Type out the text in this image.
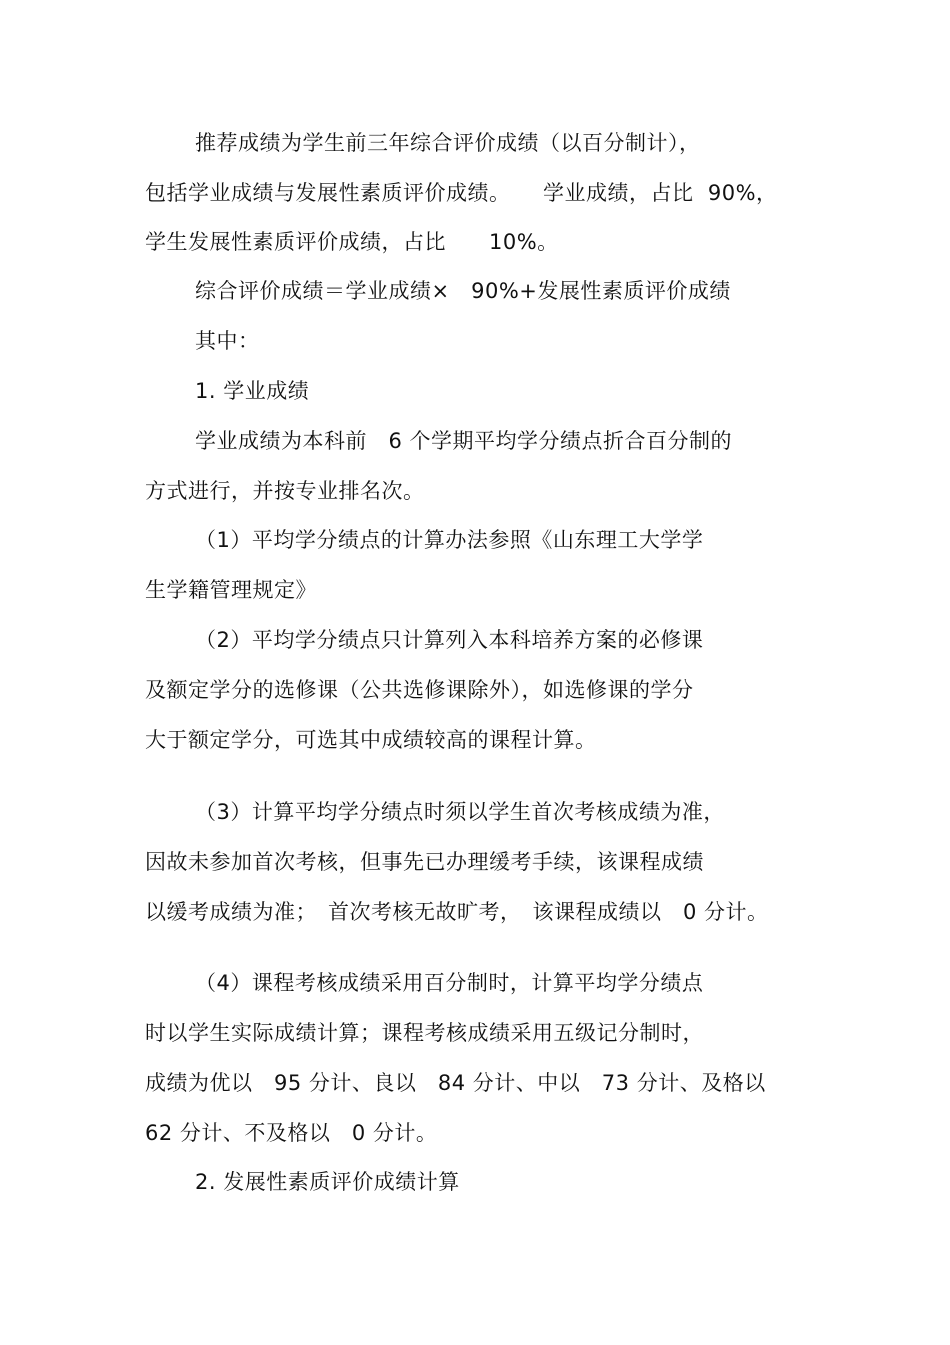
推荐成绩为学生前三年综合评价成绩（以百分制计），
包括学业成绩与发展性素质评价成绩。　　学业成绩，占比  90%，
学生发展性素质评价成绩，占比　　10%。
综合评价成绩＝学业成绩×　90%+发展性素质评价成绩
其中：
1. 学业成绩
学业成绩为本科前　6 个学期平均学分绩点折合百分制的
方式进行，并按专业排名次。
（1）平均学分绩点的计算办法参照《山东理工大学学
生学籍管理规定》
（2）平均学分绩点只计算列入本科培养方案的必修课
及额定学分的选修课（公共选修课除外），如选修课的学分
大于额定学分，可选其中成绩较高的课程计算。
（3）计算平均学分绩点时须以学生首次考核成绩为准，
因故未参加首次考核，但事先已办理缓考手续，该课程成绩
以缓考成绩为准；　首次考核无故旷考，　该课程成绩以　0 分计。
（4）课程考核成绩采用百分制时，计算平均学分绩点
时以学生实际成绩计算；课程考核成绩采用五级记分制时，
成绩为优以　95 分计、良以　84 分计、中以　73 分计、及格以
62 分计、不及格以　0 分计。
2. 发展性素质评价成绩计算
